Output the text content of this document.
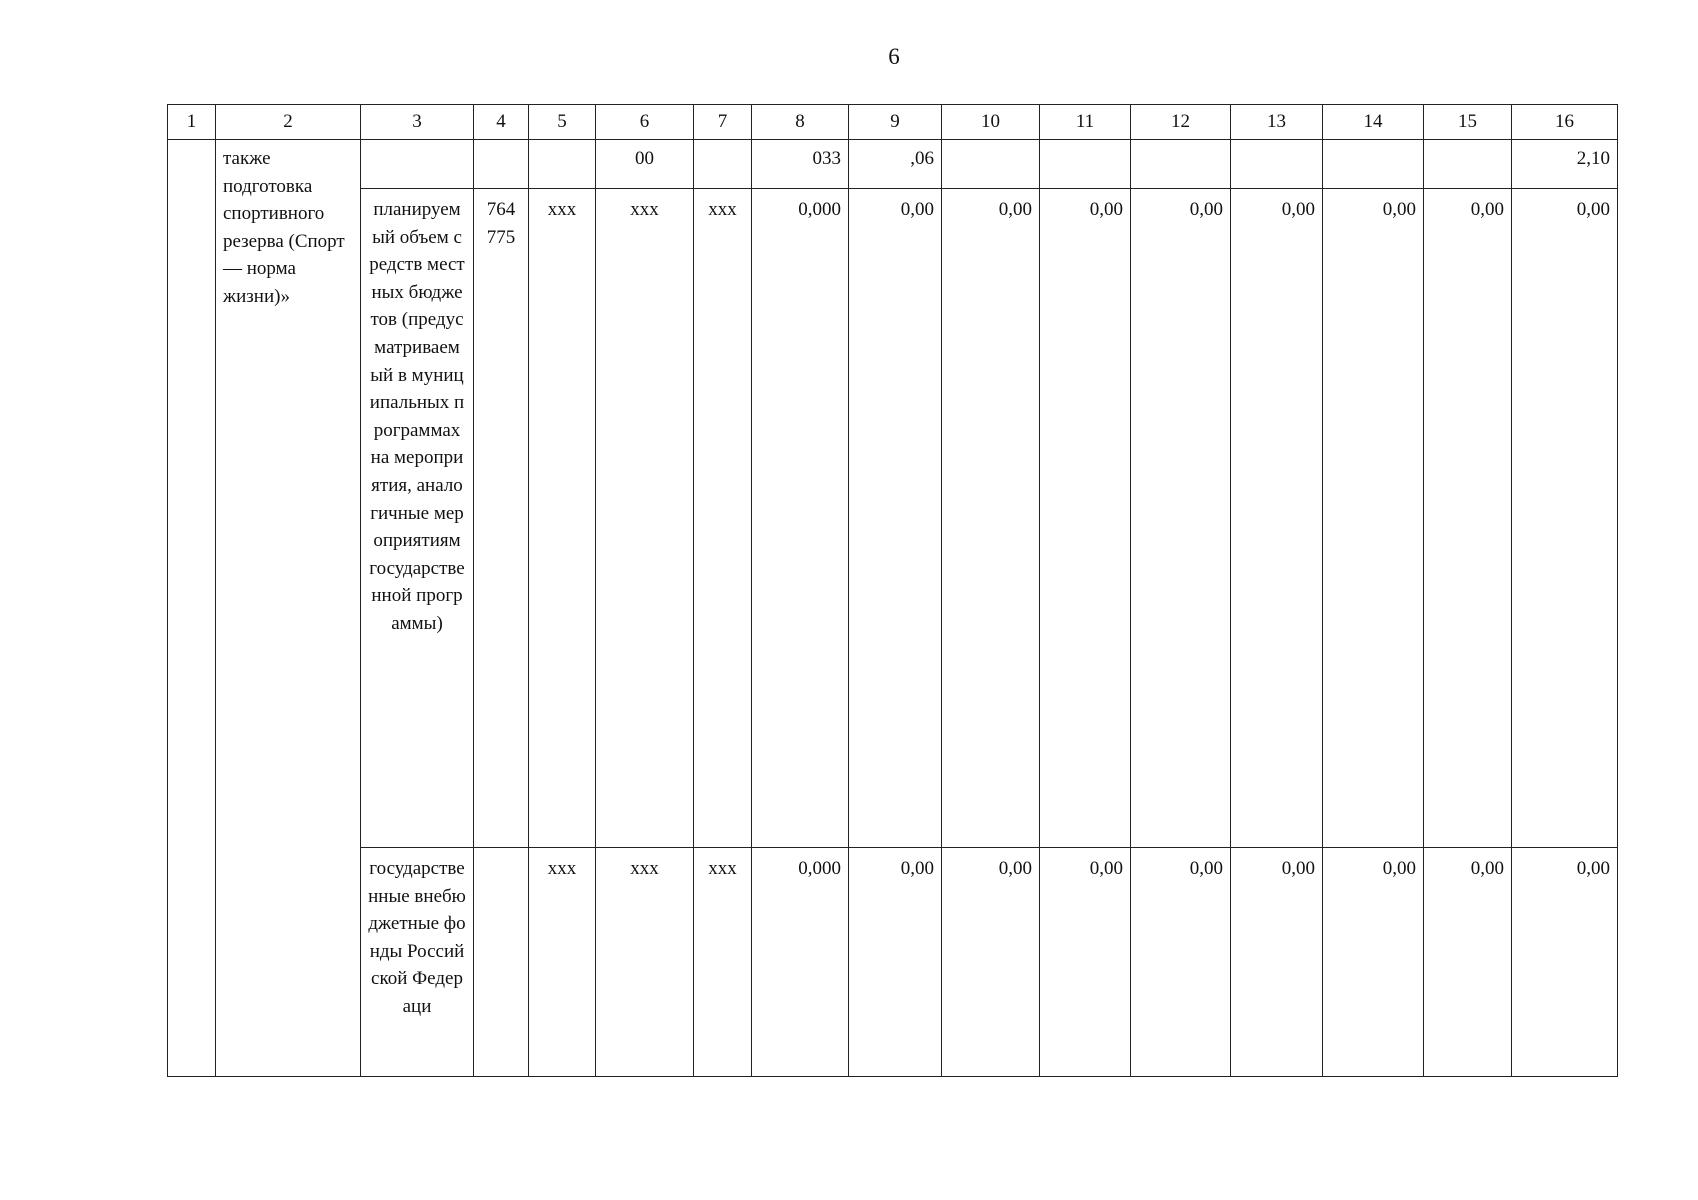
6
1	2	3	4	5	6	7	8	9	10	11	12	13	14	15	16
	также подготовка спортивного резерва (Спорт — норма жизни)»				00		033	,06							2,10
		планируемый объем средств местных бюджетов (предусматриваемый в муниципальных программах на мероприятия, аналогичные мероприятиям государственной программы)	764 775	xxx	xxx	xxx	0,000	0,00	0,00	0,00	0,00	0,00	0,00	0,00	0,00
		государственные внебюджетные фонды Российской Федераци		xxx	xxx	xxx	0,000	0,00	0,00	0,00	0,00	0,00	0,00	0,00	0,00
